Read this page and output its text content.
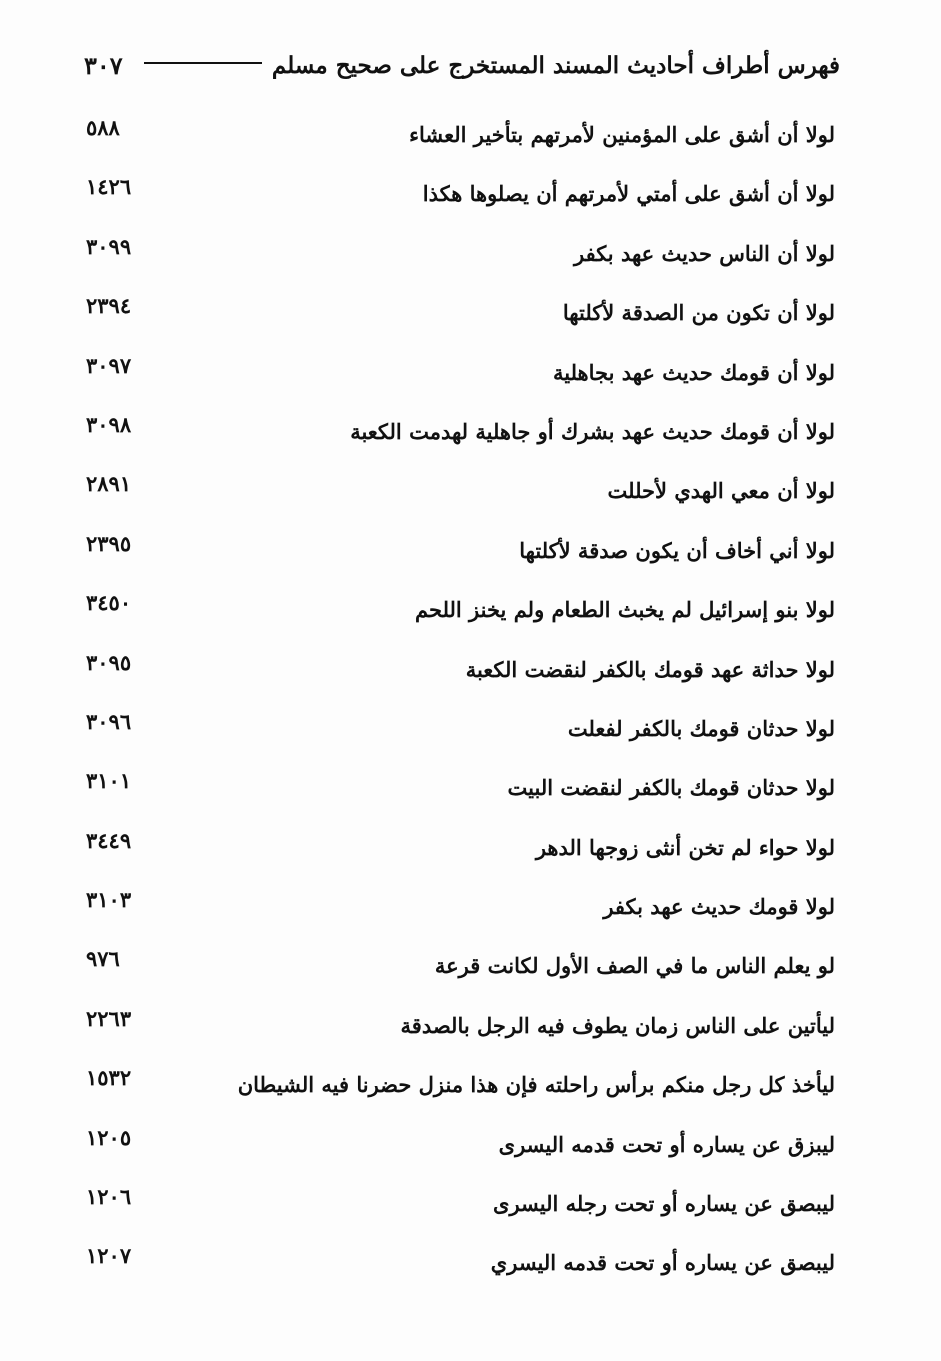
٣٠٧	فهرس أطراف أحاديث المسند المستخرج على صحيح مسلم
لولا أن أشق على المؤمنين لأمرتهم بتأخير العشاء
٥٨٨
لولا أن أشق على أمتي لأمرتهم أن يصلوها هكذا
١٤٢٦
لولا أن الناس حديث عهد بكفر
٣٠٩٩
لولا أن تكون من الصدقة لأكلتها
٢٣٩٤
لولا أن قومك حديث عهد بجاهلية
٣٠٩٧
لولا أن قومك حديث عهد بشرك أو جاهلية لهدمت الكعبة
٣٠٩٨
لولا أن معي الهدي لأحللت
٢٨٩١
لولا أني أخاف أن يكون صدقة لأكلتها
٢٣٩٥
لولا بنو إسرائيل لم يخبث الطعام ولم يخنز اللحم
٣٤٥٠
لولا حداثة عهد قومك بالكفر لنقضت الكعبة
٣٠٩٥
لولا حدثان قومك بالكفر لفعلت
٣٠٩٦
لولا حدثان قومك بالكفر لنقضت البيت
٣١٠١
لولا حواء لم تخن أنثى زوجها الدهر
٣٤٤٩
لولا قومك حديث عهد بكفر
٣١٠٣
لو يعلم الناس ما في الصف الأول لكانت قرعة
٩٧٦
ليأتين على الناس زمان يطوف فيه الرجل بالصدقة
٢٢٦٣
ليأخذ كل رجل منكم برأس راحلته فإن هذا منزل حضرنا فيه الشيطان
١٥٣٢
ليبزق عن يساره أو تحت قدمه اليسرى
١٢٠٥
ليبصق عن يساره أو تحت رجله اليسرى
١٢٠٦
ليبصق عن يساره أو تحت قدمه اليسري
١٢٠٧
